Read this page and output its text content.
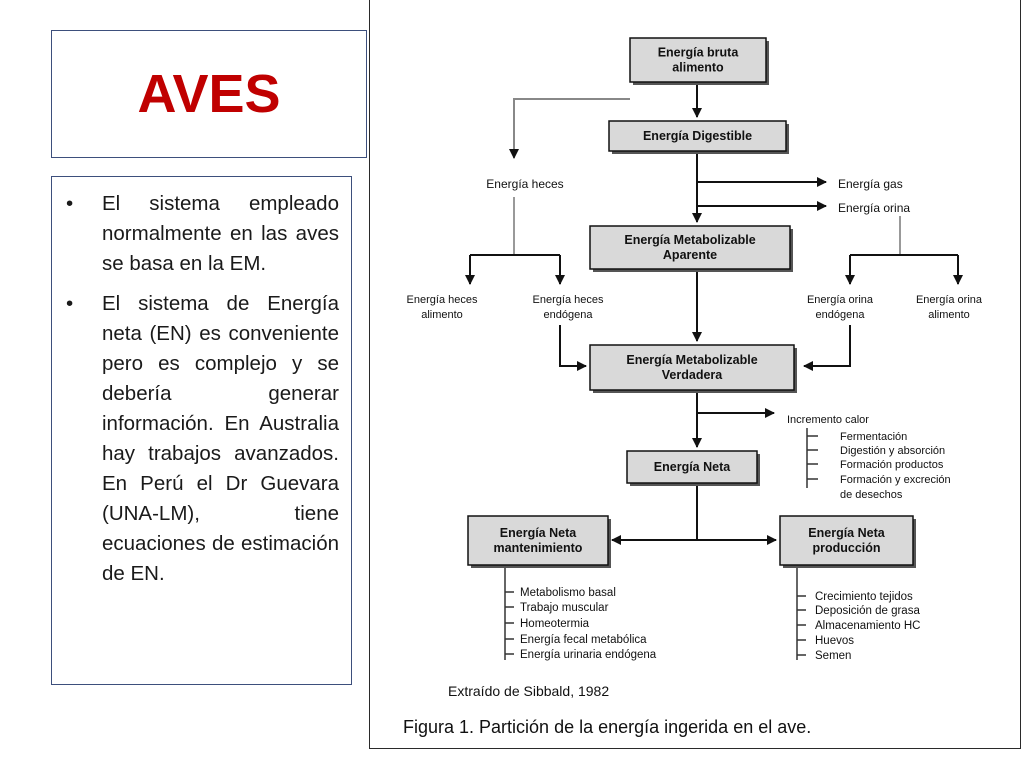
AVES
• El sistema empleado normalmente en las aves se basa en la EM.
• El sistema de Energía neta (EN) es conveniente pero es complejo y se debería generar información. En Australia hay trabajos avanzados. En Perú el Dr Guevara (UNA-LM), tiene ecuaciones de estimación de EN.
Energía bruta
alimento
Energía Digestible
Energía Metabolizable
Aparente
Energía Metabolizable
Verdadera
Energía Neta
Energía Neta
mantenimiento
Energía Neta
producción
Energía heces
Energía heces
alimento
Energía heces
endógena
Energía gas
Energía orina
Energía orina
endógena
Energía orina
alimento
Incremento calor
Fermentación
Digestión y absorción
Formación productos
Formación y excreción
de desechos
Metabolismo basal
Trabajo muscular
Homeotermia
Energía fecal metabólica
Energía urinaria endógena
Crecimiento tejidos
Deposición de grasa
Almacenamiento HC
Huevos
Semen
Extraído de Sibbald, 1982
Figura 1. Partición de la energía ingerida en el ave.
